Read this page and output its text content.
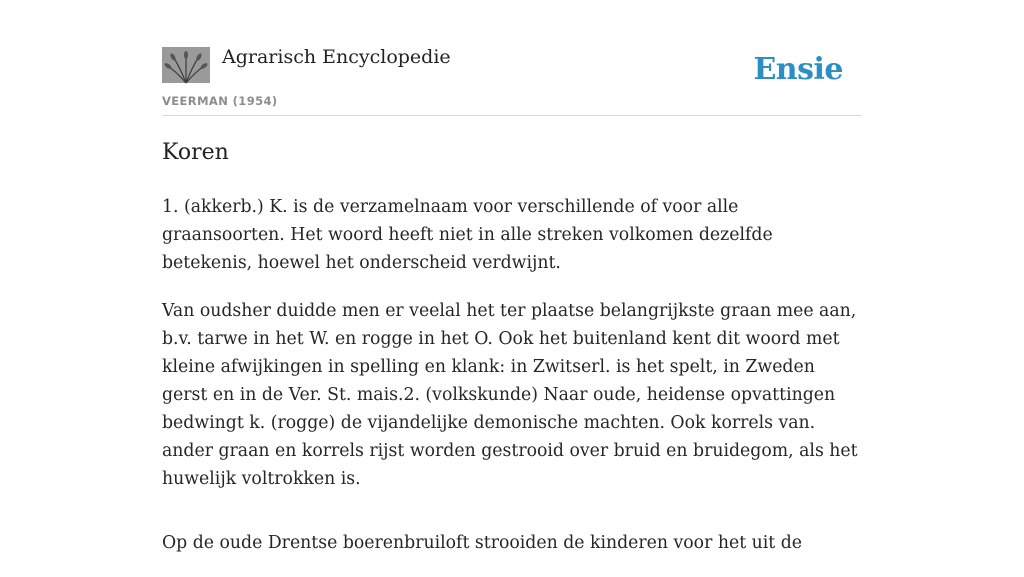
Agrarisch Encyclopedie
VEERMAN (1954)
Ensie
Koren

1. (akkerb.) K. is de verzamelnaam voor verschillende of voor alle graansoorten. Het woord heeft niet in alle streken volkomen dezelfde betekenis, hoewel het onderscheid verdwijnt.

Van oudsher duidde men er veelal het ter plaatse belangrijkste graan mee aan, b.v. tarwe in het W. en rogge in het O. Ook het buitenland kent dit woord met kleine afwijkingen in spelling en klank: in Zwitserl. is het spelt, in Zweden gerst en in de Ver. St. mais.2. (volkskunde) Naar oude, heidense opvattingen bedwingt k. (rogge) de vijandelijke demonische machten. Ook korrels van. ander graan en korrels rijst worden gestrooid over bruid en bruidegom, als het huwelijk voltrokken is.

Op de oude Drentse boerenbruiloft strooiden de kinderen voor het uit de
